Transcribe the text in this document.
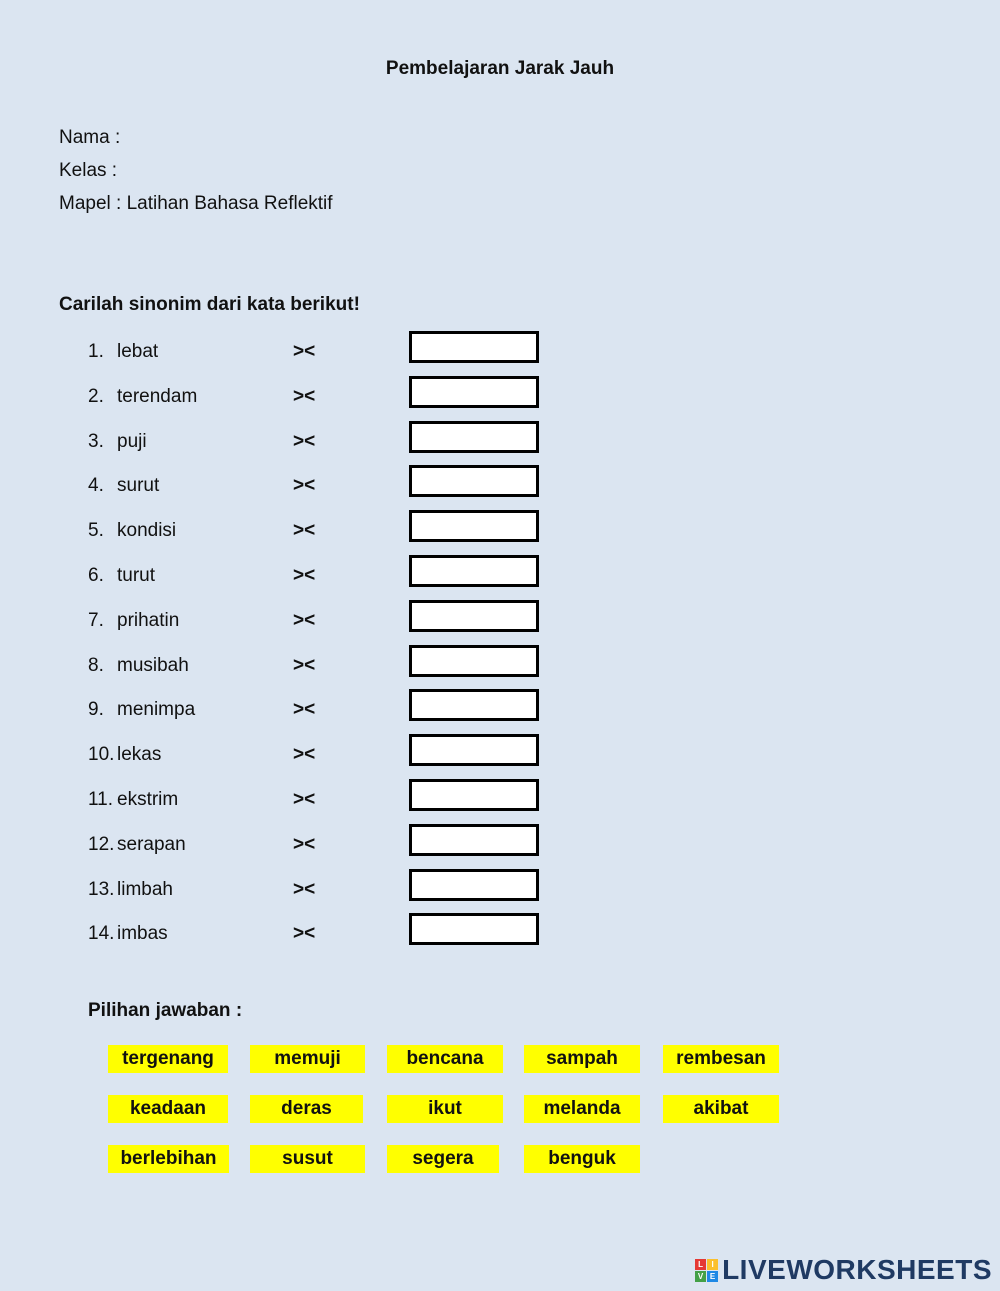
Pembelajaran Jarak Jauh
Nama :
Kelas :
Mapel : Latihan Bahasa Reflektif
Carilah sinonim dari kata berikut!
1. lebat	><
2. terendam	><
3. puji	><
4. surut	><
5. kondisi	><
6. turut	><
7. prihatin	><
8. musibah	><
9. menimpa	><
10. lekas	><
11. ekstrim	><
12. serapan	><
13. limbah	><
14. imbas	><
Pilihan jawaban :
tergenang	memuji	bencana	sampah	rembesan
keadaan	deras	ikut	melanda	akibat
berlebihan	susut	segera	benguk
L	I
V E LIVEWORKSHEETS
